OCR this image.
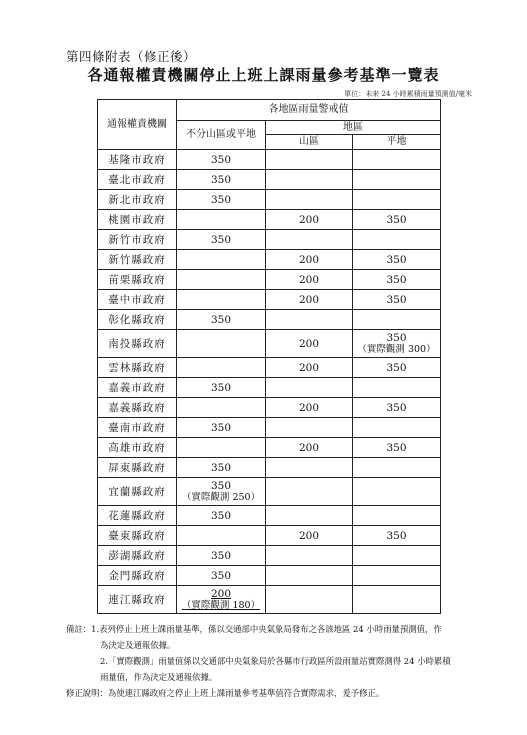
第四條附表（修正後）
各通報權責機關停止上班上課雨量參考基準一覽表
單位：未來 24 小時累積雨量預測值/毫米
通報權責機關	各地區雨量警戒值		
	不分山區或平地	地區	
		山區	平地
基隆市政府	350		
臺北市政府	350		
新北市政府	350		
桃園市政府		200	350
新竹市政府	350		
新竹縣政府		200	350
苗栗縣政府		200	350
臺中市政府		200	350
彰化縣政府	350		
南投縣政府		200	350
（實際觀測 300）

雲林縣政府		200	350
嘉義市政府	350		
嘉義縣政府		200	350
臺南市政府	350		
高雄市政府		200	350
屏東縣政府	350		
宜蘭縣政府	350
（實際觀測 250）		

花蓮縣政府	350		
臺東縣政府		200	350
澎湖縣政府	350		
金門縣政府	350		
連江縣政府	200
（實際觀測 180）		

備註：1.表列停止上班上課雨量基準，係以交通部中央氣象局發布之各該地區 24 小時雨量預測值，作

為決定及通報依據。

2.「實際觀測」雨量值係以交通部中央氣象局於各縣市行政區所設雨量站實際測得 24 小時累積

雨量值，作為決定及通報依據。

修正說明：為使連江縣政府之停止上班上課雨量參考基準值符合實際需求，爰予修正。
